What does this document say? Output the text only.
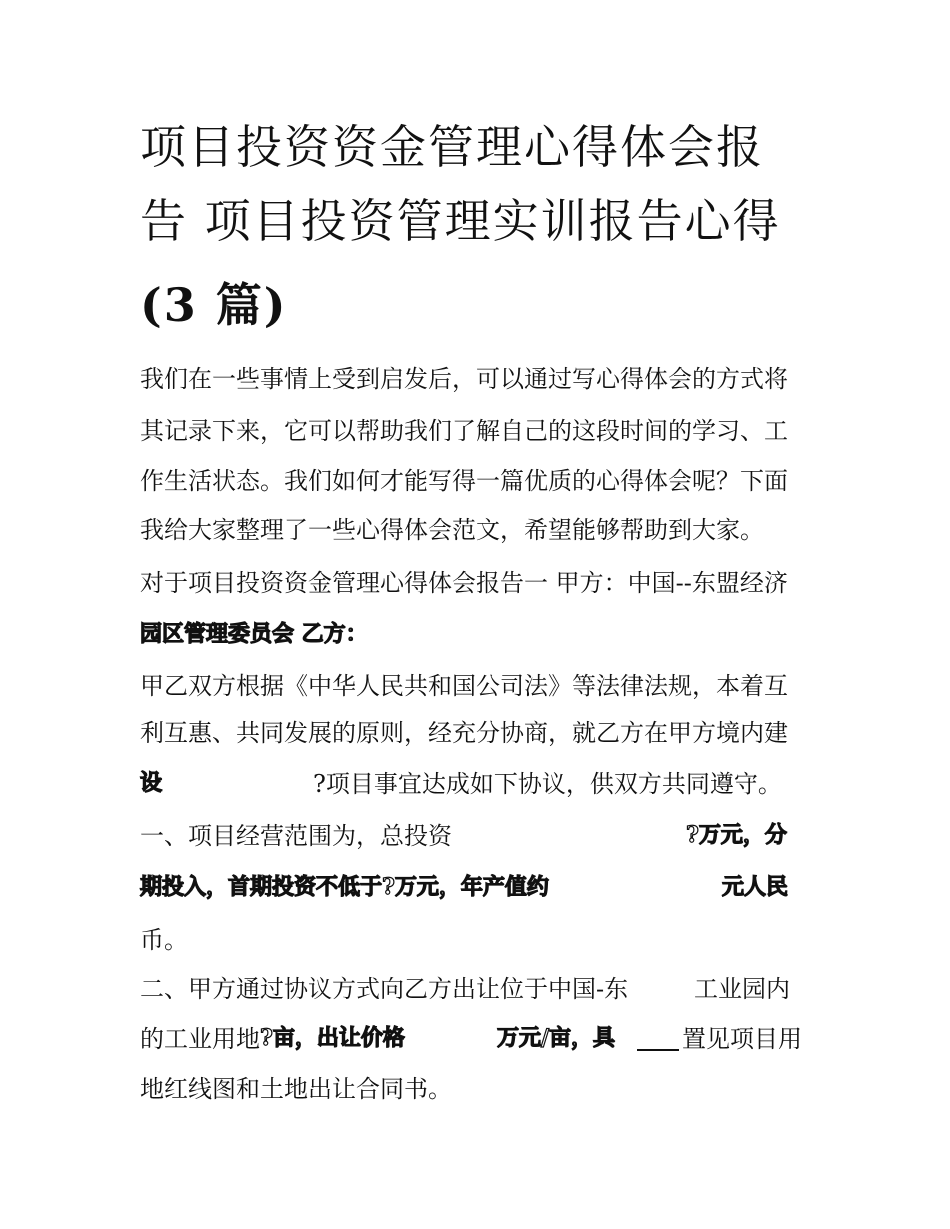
项目投资资金管理心得体会报
告 项目投资管理实训报告心得
(3 篇)
我们在一些事情上受到启发后，可以通过写心得体会的方式将
其记录下来，它可以帮助我们了解自己的这段时间的学习、工
作生活状态。我们如何才能写得一篇优质的心得体会呢？下面
我给大家整理了一些心得体会范文，希望能够帮助到大家。
对于项目投资资金管理心得体会报告一 甲方：中国--东盟经济
园区管理委员会 乙方：
甲乙双方根据《中华人民共和国公司法》等法律法规，本着互
利互惠、共同发展的原则，经充分协商，就乙方在甲方境内建
设	?项目事宜达成如下协议，供双方共同遵守。
一、项目经营范围为，总投资	?万元，分
期投入，首期投资不低于?万元，年产值约	元人民
币。
二、甲方通过协议方式向乙方出让位于中国-东	工业园内
的工业用地 ?亩，出让价格	万元/亩，具	置见项目用
地红线图和土地出让合同书。
